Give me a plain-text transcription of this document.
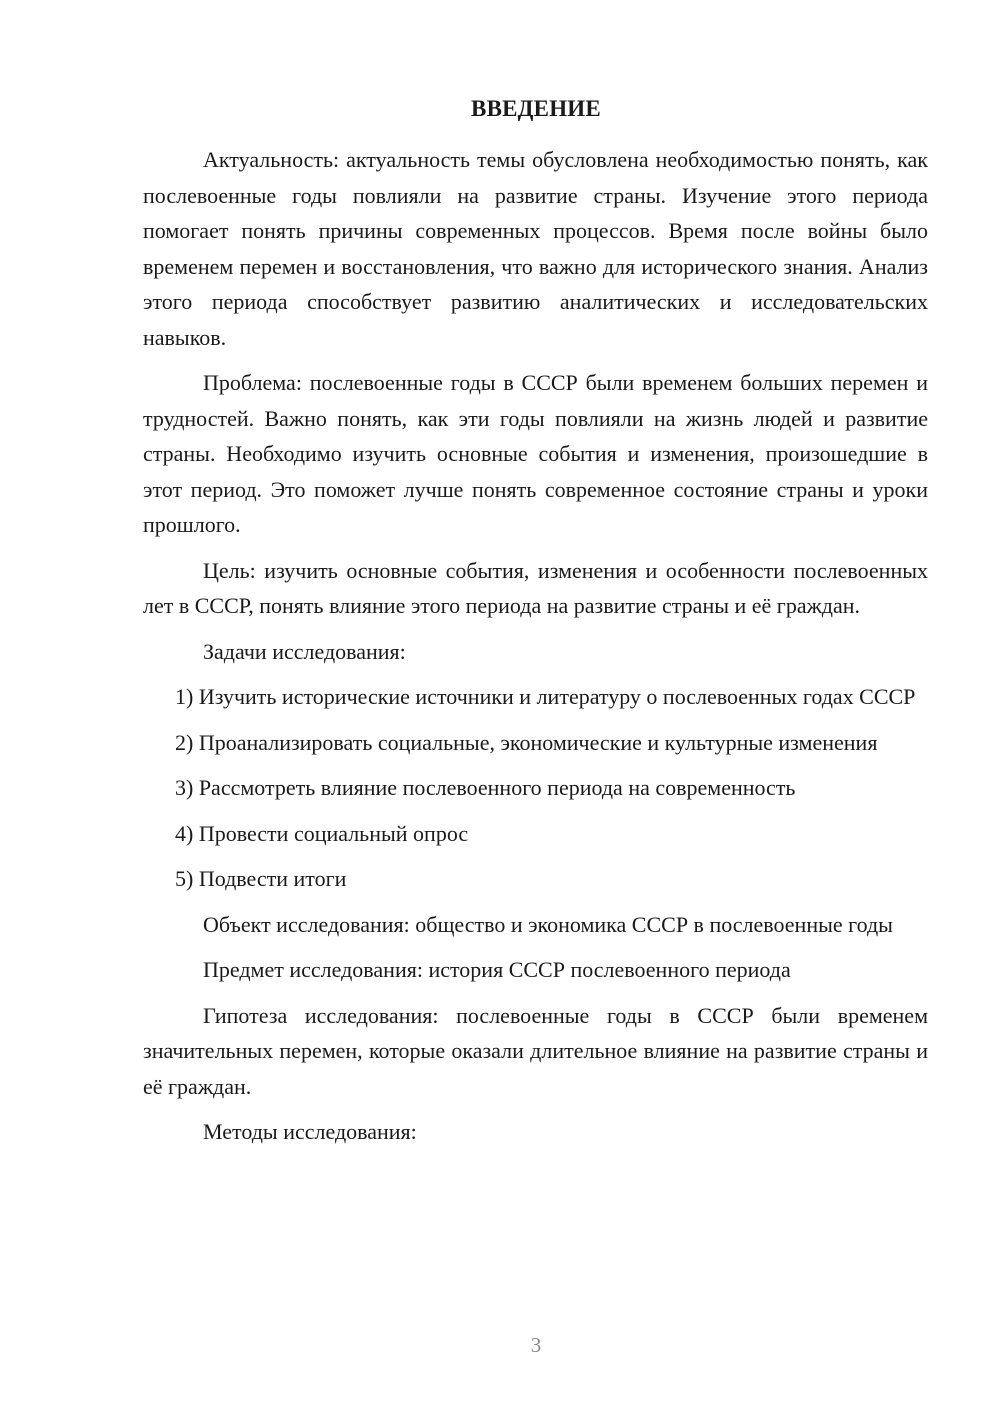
ВВЕДЕНИЕ

Актуальность: актуальность темы обусловлена необходимостью понять, как послевоенные годы повлияли на развитие страны. Изучение этого периода помогает понять причины современных процессов. Время после войны было временем перемен и восстановления, что важно для исторического знания. Анализ этого периода способствует развитию аналитических и исследовательских навыков.

Проблема: послевоенные годы в СССР были временем больших перемен и трудностей. Важно понять, как эти годы повлияли на жизнь людей и развитие страны. Необходимо изучить основные события и изменения, произошедшие в этот период. Это поможет лучше понять современное состояние страны и уроки прошлого.

Цель: изучить основные события, изменения и особенности послевоенных лет в СССР, понять влияние этого периода на развитие страны и её граждан.

Задачи исследования:

1) Изучить исторические источники и литературу о послевоенных годах СССР

2) Проанализировать социальные, экономические и культурные изменения

3) Рассмотреть влияние послевоенного периода на современность

4) Провести социальный опрос

5) Подвести итоги

Объект исследования: общество и экономика СССР в послевоенные годы

Предмет исследования: история СССР послевоенного периода

Гипотеза исследования: послевоенные годы в СССР были временем значительных перемен, которые оказали длительное влияние на развитие страны и её граждан.

Методы исследования:

3
